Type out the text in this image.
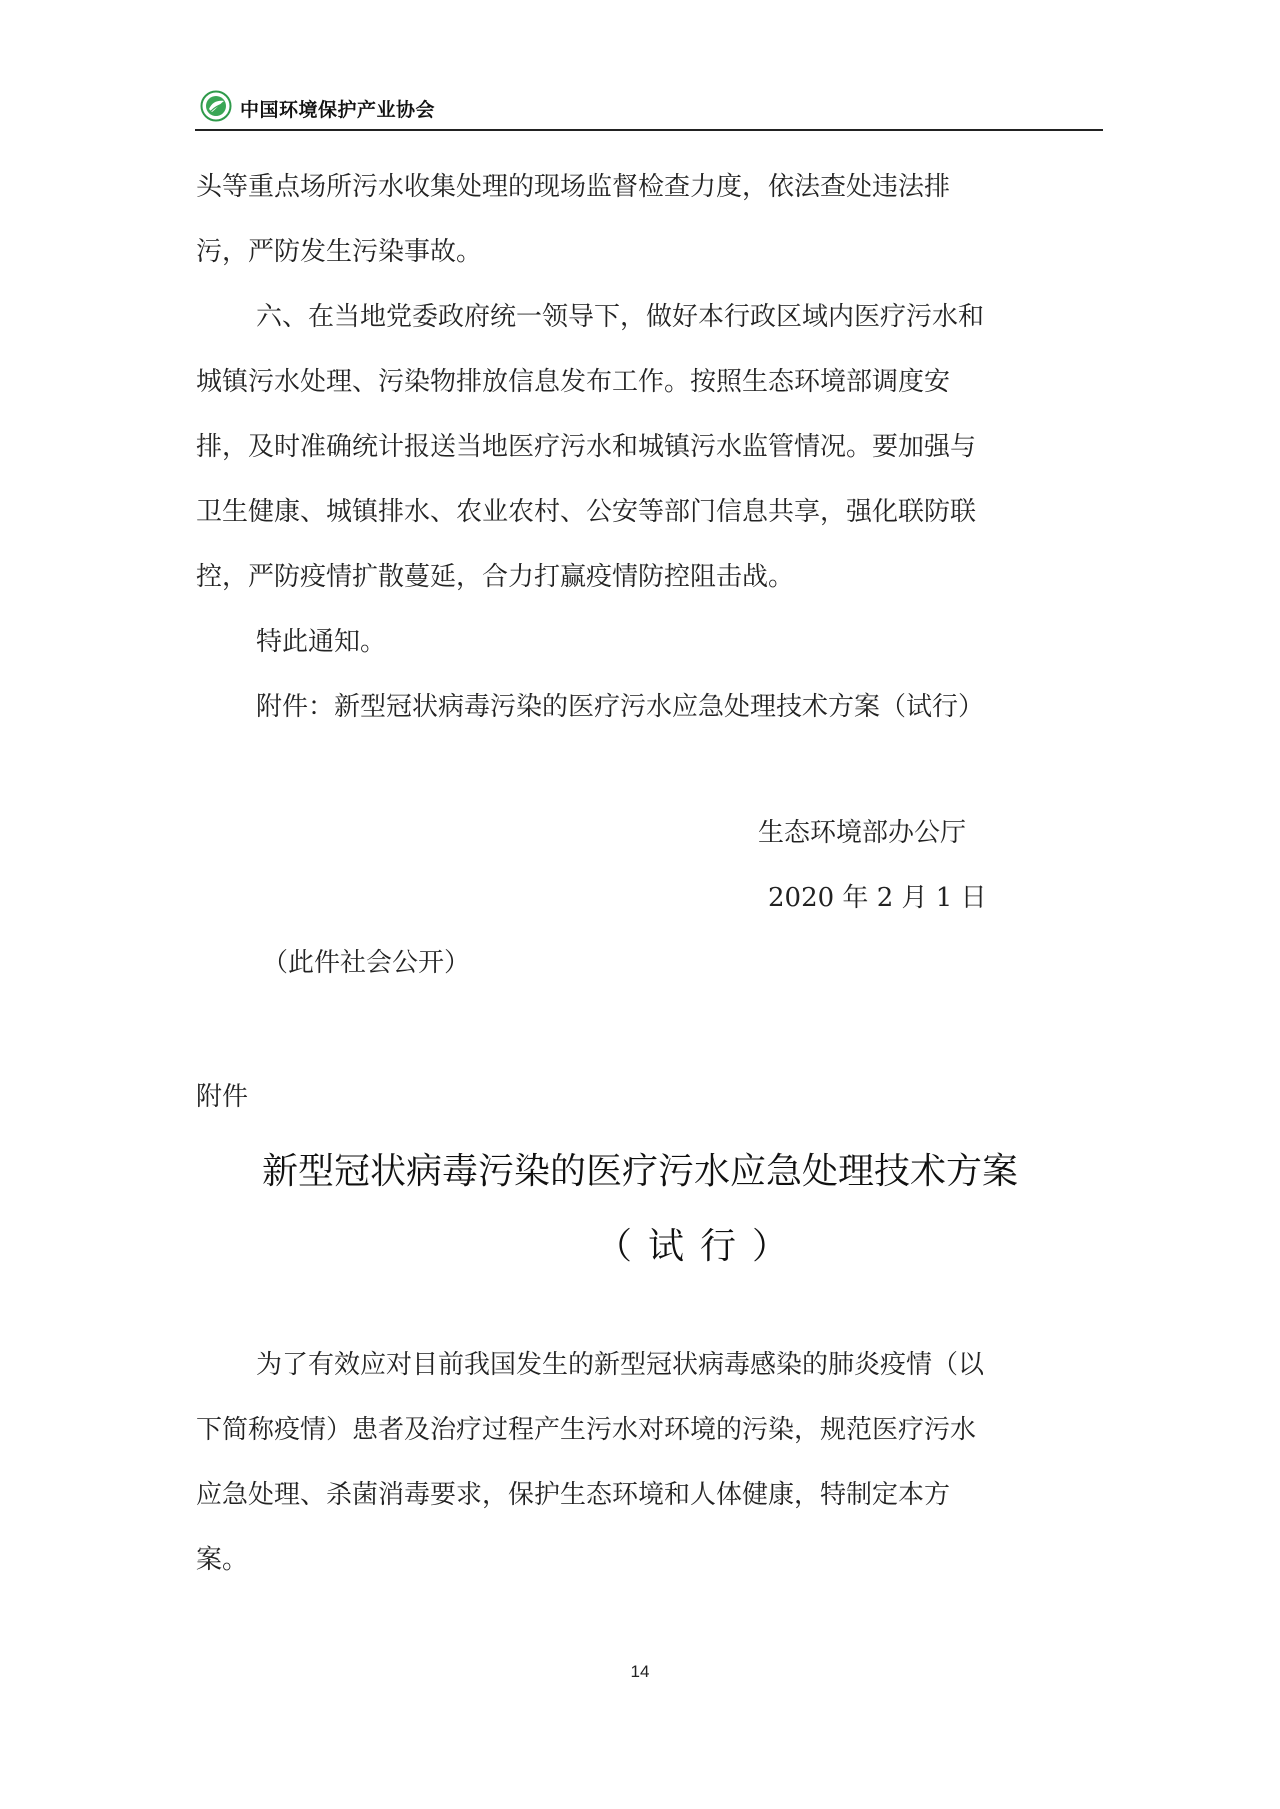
中国环境保护产业协会
头等重点场所污水收集处理的现场监督检查力度，依法查处违法排
污，严防发生污染事故。
六、在当地党委政府统一领导下，做好本行政区域内医疗污水和
城镇污水处理、污染物排放信息发布工作。按照生态环境部调度安
排，及时准确统计报送当地医疗污水和城镇污水监管情况。要加强与
卫生健康、城镇排水、农业农村、公安等部门信息共享，强化联防联
控，严防疫情扩散蔓延，合力打赢疫情防控阻击战。
特此通知。
附件：新型冠状病毒污染的医疗污水应急处理技术方案（试行）
生态环境部办公厅
2020 年 2 月 1 日
（此件社会公开）
附件
新型冠状病毒污染的医疗污水应急处理技术方案
（试行）
为了有效应对目前我国发生的新型冠状病毒感染的肺炎疫情（以
下简称疫情）患者及治疗过程产生污水对环境的污染，规范医疗污水
应急处理、杀菌消毒要求，保护生态环境和人体健康，特制定本方
案。
14
